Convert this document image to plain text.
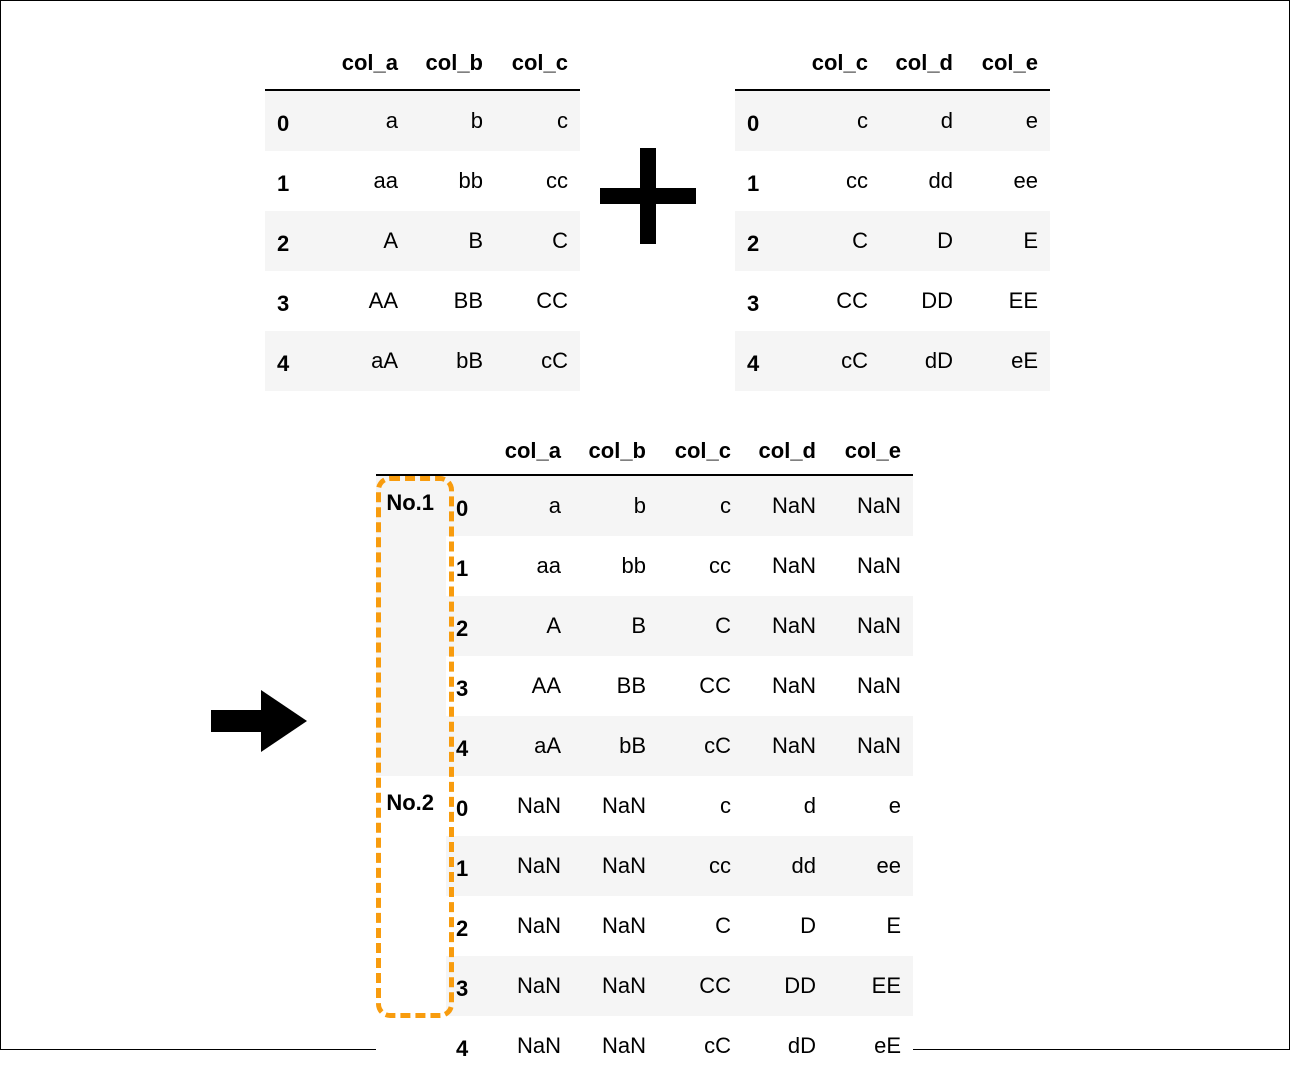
	col_a	col_b	col_c
0	a	b	c
1	aa	bb	cc
2	A	B	C
3	AA	BB	CC
4	aA	bB	cC
	col_c	col_d	col_e
0	c	d	e
1	cc	dd	ee
2	C	D	E
3	CC	DD	EE
4	cC	dD	eE
		col_a	col_b	col_c	col_d	col_e
No.1	0	a	b	c	NaN	NaN
	1	aa	bb	cc	NaN	NaN
	2	A	B	C	NaN	NaN
	3	AA	BB	CC	NaN	NaN
	4	aA	bB	cC	NaN	NaN
No.2	0	NaN	NaN	c	d	e
	1	NaN	NaN	cc	dd	ee
	2	NaN	NaN	C	D	E
	3	NaN	NaN	CC	DD	EE
	4	NaN	NaN	cC	dD	eE
